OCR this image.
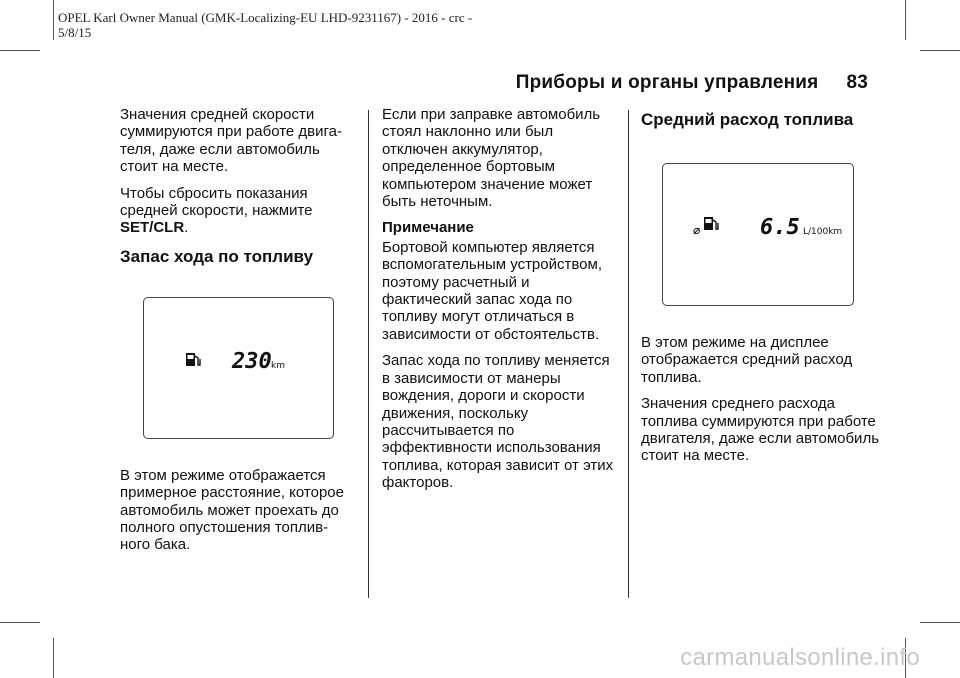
OPEL Karl Owner Manual (GMK-Localizing-EU LHD-9231167) - 2016 - crc -
5/8/15
Приборы и органы управления 83

Значения средней скорости суммируются при работе двига-теля, даже если автомобиль стоит на месте.

Чтобы сбросить показания средней скорости, нажмите SET/CLR.

Запас хода по топливу
230 km

В этом режиме отображается примерное расстояние, которое автомобиль может проехать до полного опустошения топлив-ного бака.

Если при заправке автомобиль стоял наклонно или был отключен аккумулятор, определенное бортовым компьютером значение может быть неточным.

Примечание

Бортовой компьютер является вспомогательным устройством, поэтому расчетный и фактический запас хода по топливу могут отличаться в зависимости от обстоятельств.

Запас хода по топливу меняется в зависимости от манеры вождения, дороги и скорости движения, поскольку рассчитывается по эффективности использования топлива, которая зависит от этих факторов.

Средний расход топлива
⌀	6.5 L/100km

В этом режиме на дисплее отображается средний расход топлива.

Значения среднего расхода топлива суммируются при работе двигателя, даже если автомобиль стоит на месте.

carmanualsonline.info
